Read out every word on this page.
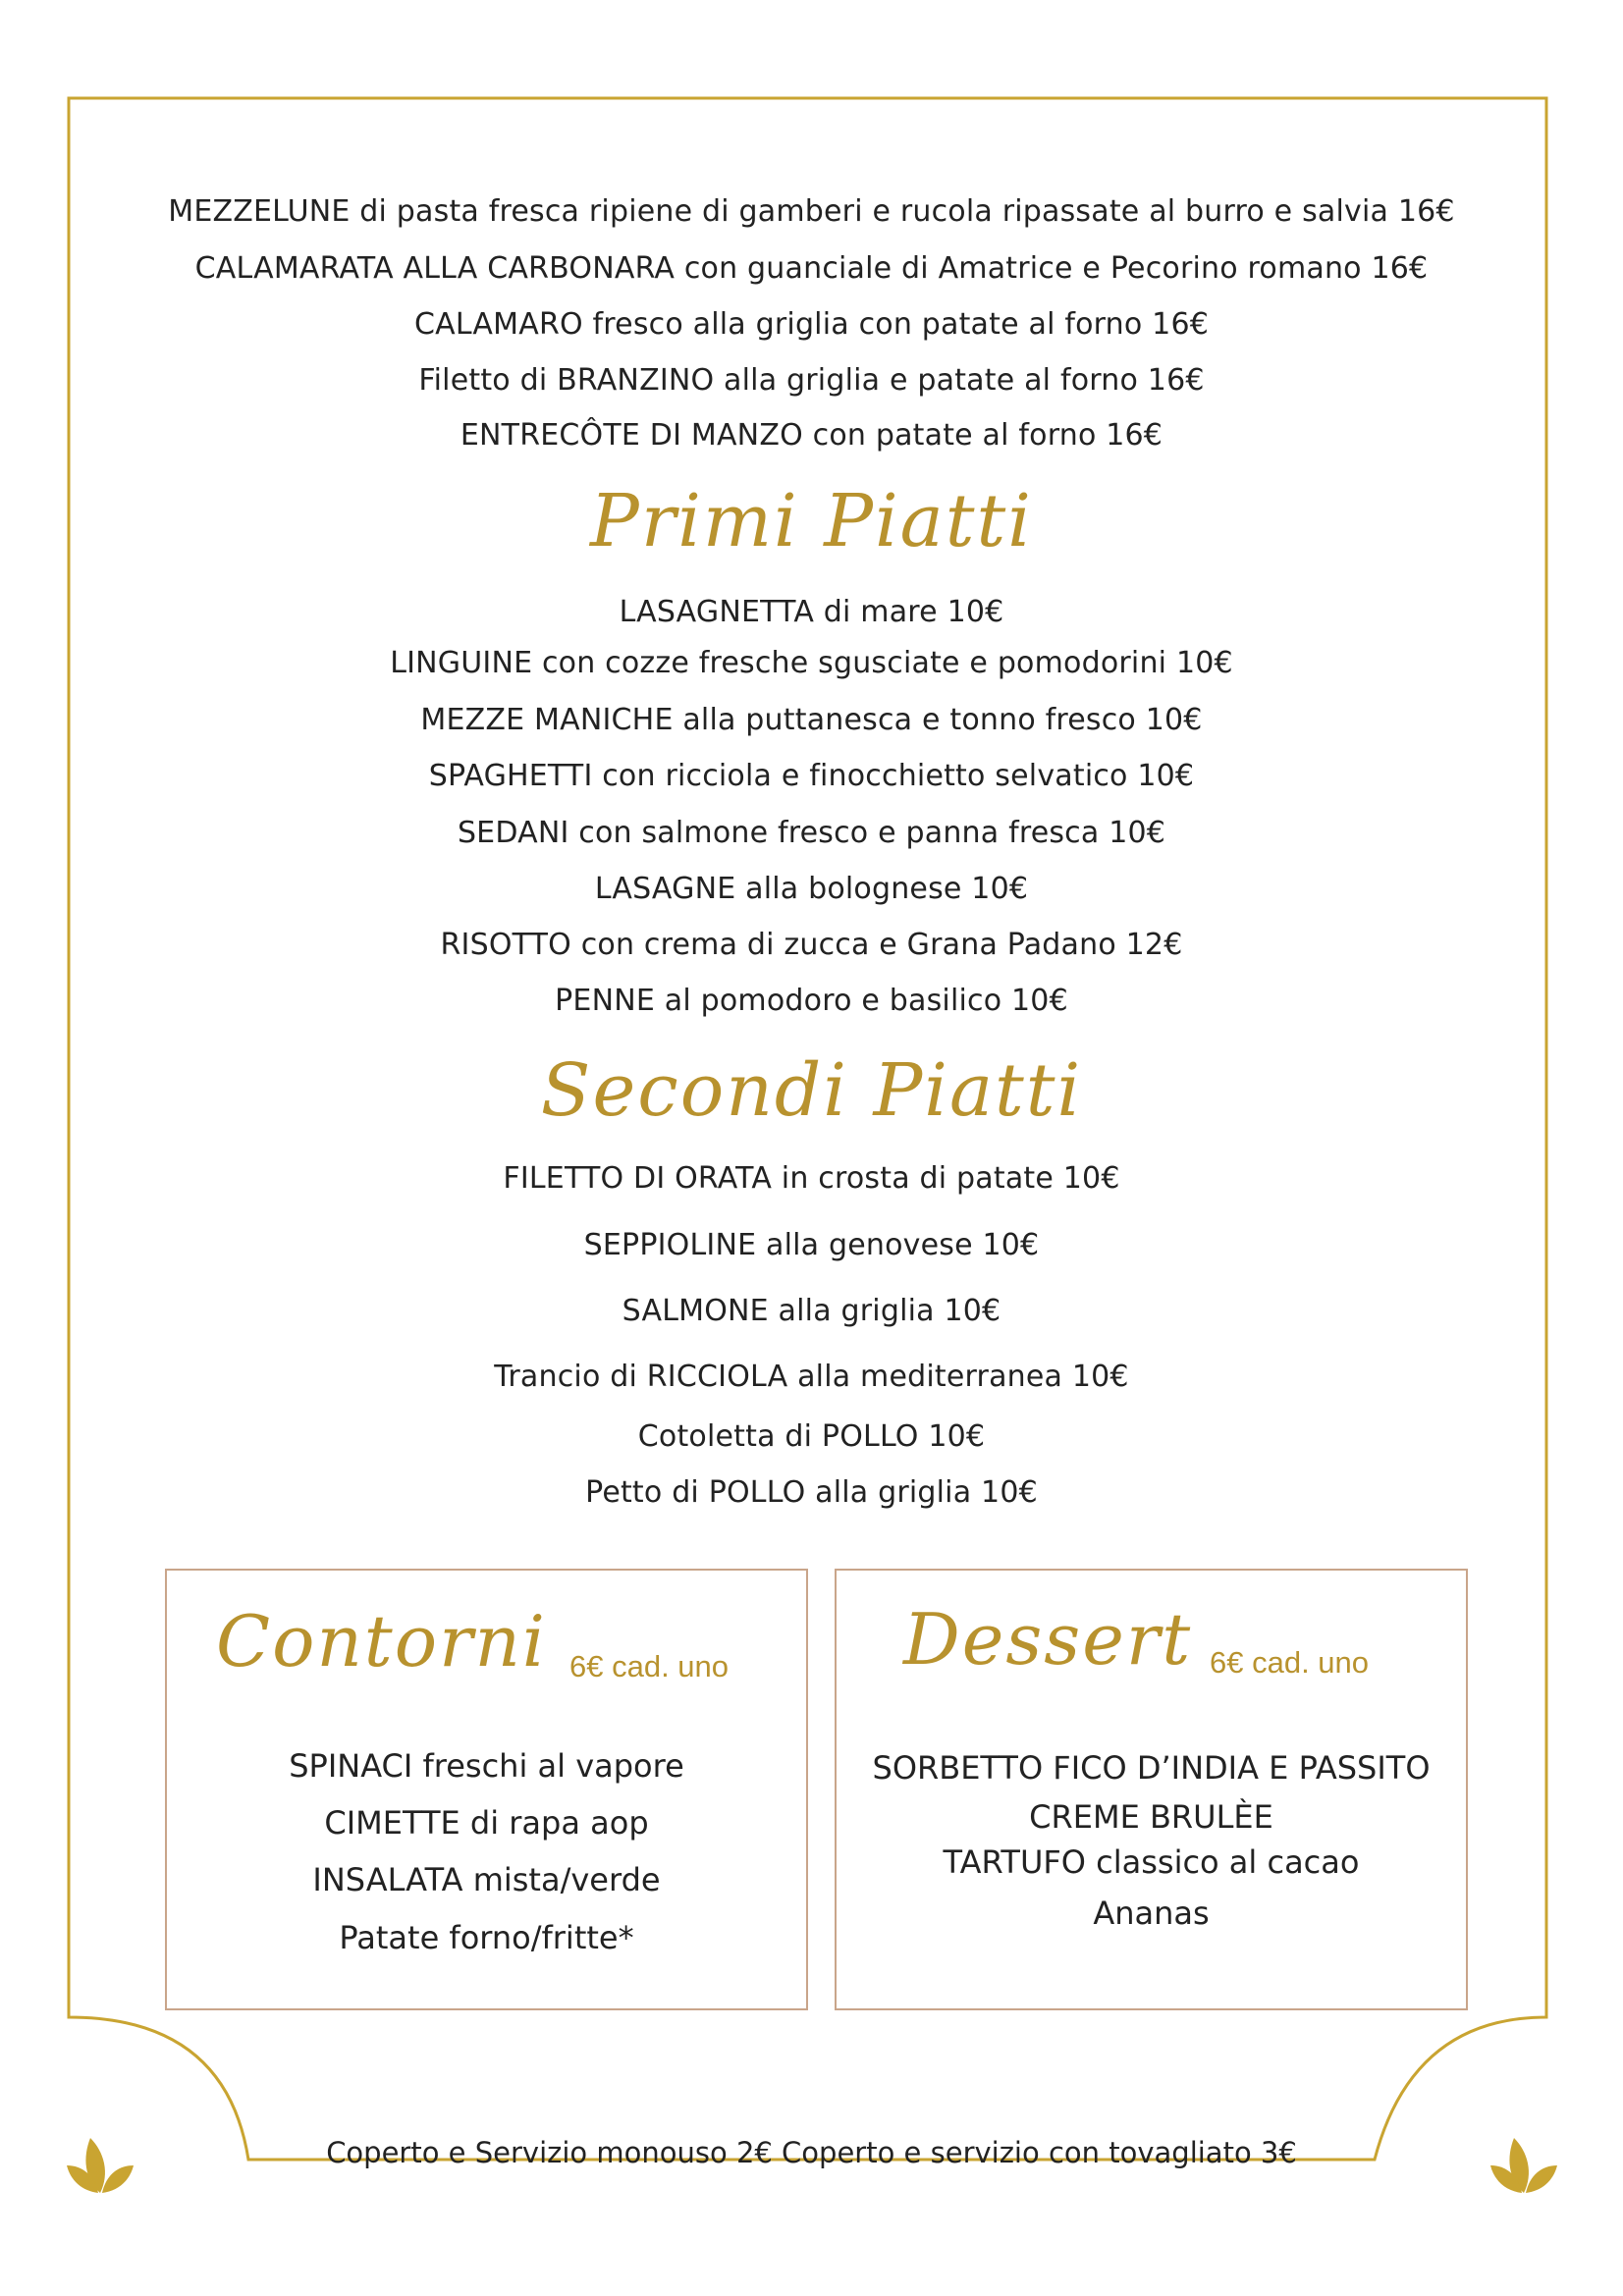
MEZZELUNE di pasta fresca ripiene di gamberi e rucola ripassate al burro e salvia 16€
CALAMARATA ALLA CARBONARA con guanciale di Amatrice e Pecorino romano 16€
CALAMARO fresco alla griglia con patate al forno 16€
Filetto di BRANZINO alla griglia e patate al forno 16€
ENTRECÔTE DI MANZO con patate al forno 16€
Primi Piatti
LASAGNETTA di mare 10€
LINGUINE con cozze fresche sgusciate e pomodorini 10€
MEZZE MANICHE alla puttanesca e tonno fresco 10€
SPAGHETTI con ricciola e finocchietto selvatico 10€
SEDANI con salmone fresco e panna fresca 10€
LASAGNE alla bolognese 10€
RISOTTO con crema di zucca e Grana Padano 12€
PENNE al pomodoro e basilico 10€
Secondi Piatti
FILETTO DI ORATA in crosta di patate 10€
SEPPIOLINE alla genovese 10€
SALMONE alla griglia 10€
Trancio di RICCIOLA alla mediterranea 10€
Cotoletta di POLLO 10€
Petto di POLLO alla griglia 10€
Contorni 6€ cad. uno
SPINACI freschi al vapore
CIMETTE di rapa aop
INSALATA mista/verde
Patate forno/fritte*
Dessert 6€ cad. uno
SORBETTO FICO D’INDIA E PASSITO
CREME BRULÈE
TARTUFO classico al cacao
Ananas
Coperto e Servizio monouso 2€ Coperto e servizio con tovagliato 3€
